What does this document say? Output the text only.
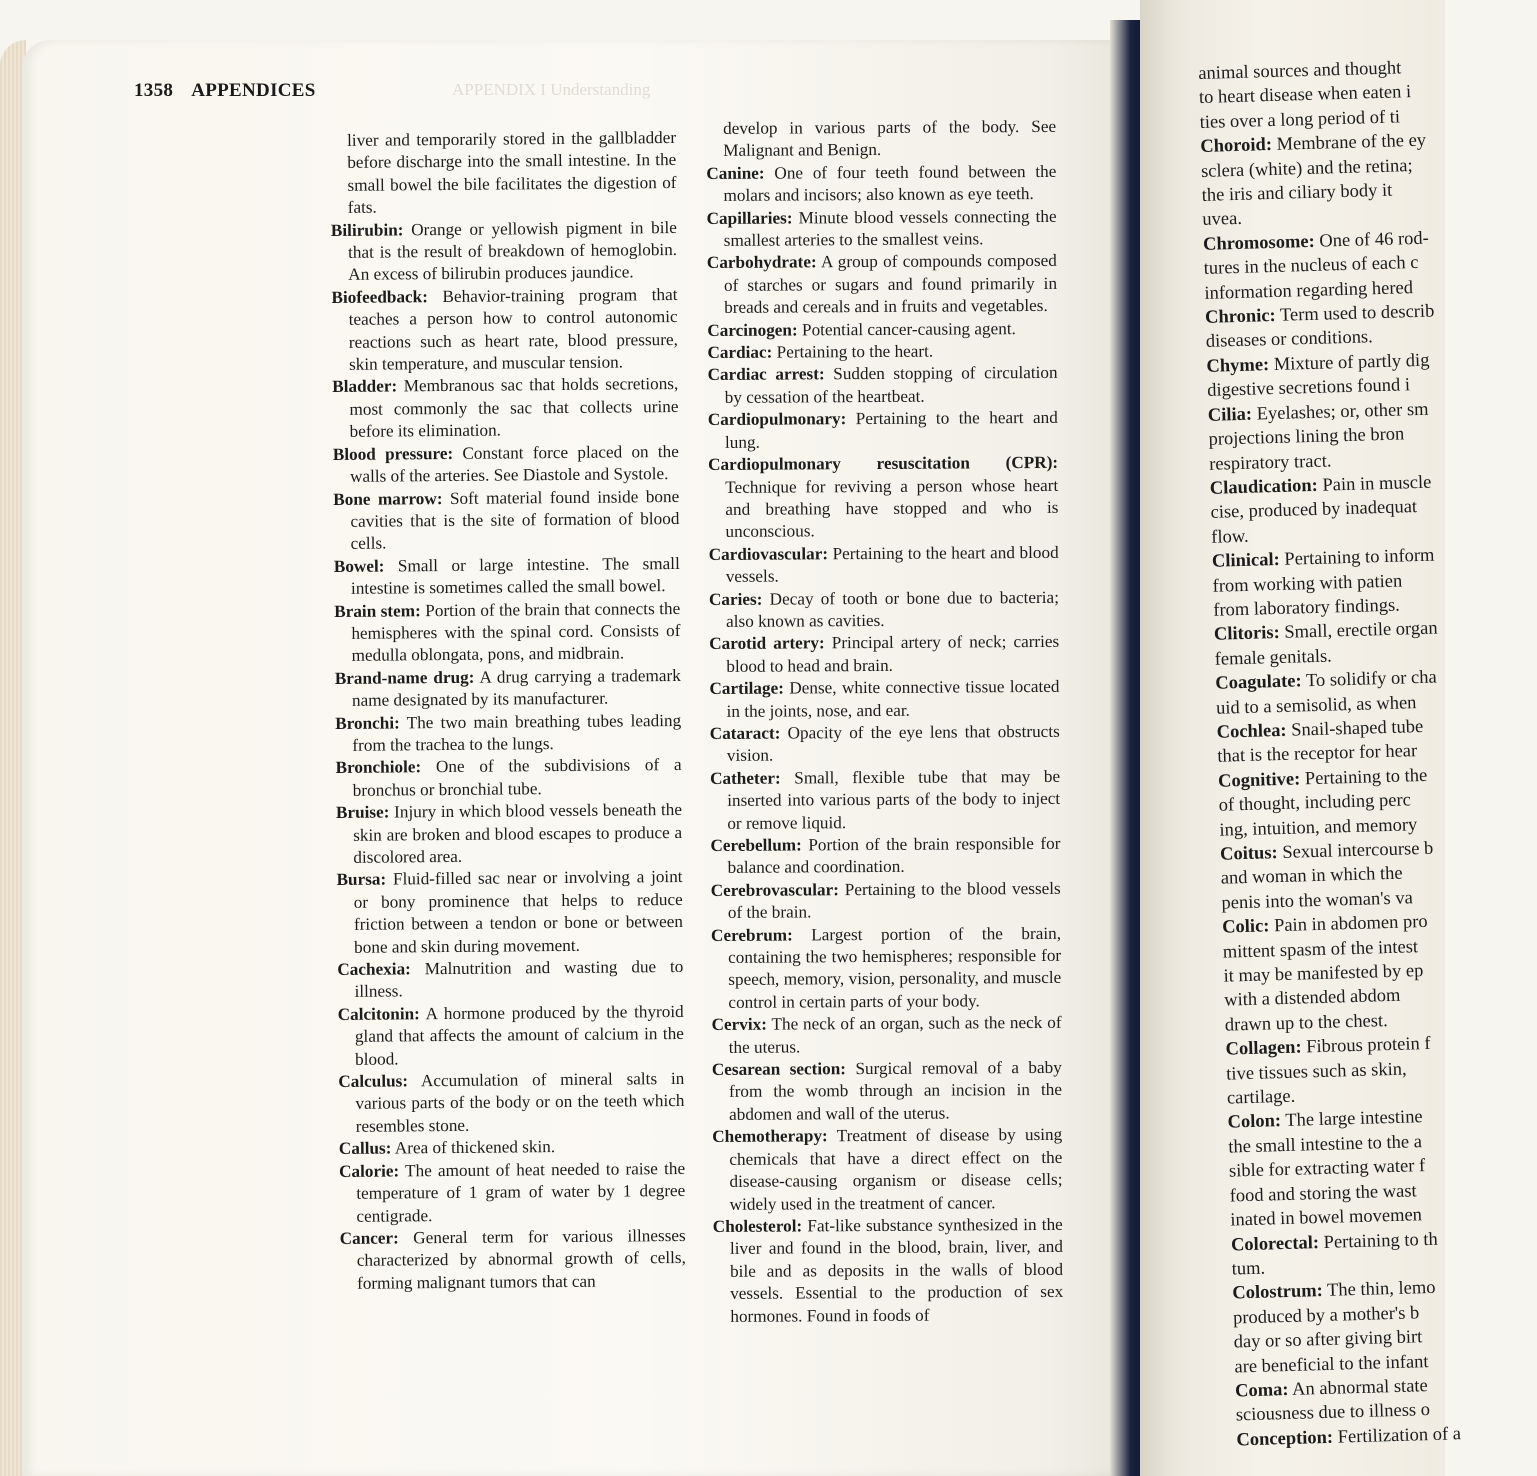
1358 APPENDICES	APPENDIX I Understanding

liver and temporarily stored in the gallbladder before discharge into the small intestine. In the small bowel the bile facilitates the digestion of fats.

Bilirubin: Orange or yellowish pigment in bile that is the result of breakdown of hemoglobin. An excess of bilirubin produces jaundice.

Biofeedback: Behavior-training program that teaches a person how to control autonomic reactions such as heart rate, blood pressure, skin temperature, and muscular tension.

Bladder: Membranous sac that holds secretions, most commonly the sac that collects urine before its elimination.

Blood pressure: Constant force placed on the walls of the arteries. See Diastole and Systole.

Bone marrow: Soft material found inside bone cavities that is the site of formation of blood cells.

Bowel: Small or large intestine. The small intestine is sometimes called the small bowel.

Brain stem: Portion of the brain that connects the hemispheres with the spinal cord. Consists of medulla oblongata, pons, and midbrain.

Brand-name drug: A drug carrying a trademark name designated by its manufacturer.

Bronchi: The two main breathing tubes leading from the trachea to the lungs.

Bronchiole: One of the subdivisions of a bronchus or bronchial tube.

Bruise: Injury in which blood vessels beneath the skin are broken and blood escapes to produce a discolored area.

Bursa: Fluid-filled sac near or involving a joint or bony prominence that helps to reduce friction between a tendon or bone or between bone and skin during movement.

Cachexia: Malnutrition and wasting due to illness.

Calcitonin: A hormone produced by the thyroid gland that affects the amount of calcium in the blood.

Calculus: Accumulation of mineral salts in various parts of the body or on the teeth which resembles stone.

Callus: Area of thickened skin.

Calorie: The amount of heat needed to raise the temperature of 1 gram of water by 1 degree centigrade.

Cancer: General term for various illnesses characterized by abnormal growth of cells, forming malignant tumors that can

develop in various parts of the body. See Malignant and Benign.

Canine: One of four teeth found between the molars and incisors; also known as eye teeth.

Capillaries: Minute blood vessels connecting the smallest arteries to the smallest veins.

Carbohydrate: A group of compounds composed of starches or sugars and found primarily in breads and cereals and in fruits and vegetables.

Carcinogen: Potential cancer-causing agent.

Cardiac: Pertaining to the heart.

Cardiac arrest: Sudden stopping of circulation by cessation of the heartbeat.

Cardiopulmonary: Pertaining to the heart and lung.

Cardiopulmonary resuscitation (CPR): Technique for reviving a person whose heart and breathing have stopped and who is unconscious.

Cardiovascular: Pertaining to the heart and blood vessels.

Caries: Decay of tooth or bone due to bacteria; also known as cavities.

Carotid artery: Principal artery of neck; carries blood to head and brain.

Cartilage: Dense, white connective tissue located in the joints, nose, and ear.

Cataract: Opacity of the eye lens that obstructs vision.

Catheter: Small, flexible tube that may be inserted into various parts of the body to inject or remove liquid.

Cerebellum: Portion of the brain responsible for balance and coordination.

Cerebrovascular: Pertaining to the blood vessels of the brain.

Cerebrum: Largest portion of the brain, containing the two hemispheres; responsible for speech, memory, vision, personality, and muscle control in certain parts of your body.

Cervix: The neck of an organ, such as the neck of the uterus.

Cesarean section: Surgical removal of a baby from the womb through an incision in the abdomen and wall of the uterus.

Chemotherapy: Treatment of disease by using chemicals that have a direct effect on the disease-causing organism or disease cells; widely used in the treatment of cancer.

Cholesterol: Fat-like substance synthesized in the liver and found in the blood, brain, liver, and bile and as deposits in the walls of blood vessels. Essential to the production of sex hormones. Found in foods of

animal sources and thought

to heart disease when eaten i

ties over a long period of ti

Choroid: Membrane of the ey

sclera (white) and the retina;

the iris and ciliary body it

uvea.

Chromosome: One of 46 rod-

tures in the nucleus of each c

information regarding hered

Chronic: Term used to describ

diseases or conditions.

Chyme: Mixture of partly dig

digestive secretions found i

Cilia: Eyelashes; or, other sm

projections lining the bron

respiratory tract.

Claudication: Pain in muscle

cise, produced by inadequat

flow.

Clinical: Pertaining to inform

from working with patien

from laboratory findings.

Clitoris: Small, erectile organ

female genitals.

Coagulate: To solidify or cha

uid to a semisolid, as when

Cochlea: Snail-shaped tube

that is the receptor for hear

Cognitive: Pertaining to the

of thought, including perc

ing, intuition, and memory

Coitus: Sexual intercourse b

and woman in which the

penis into the woman's va

Colic: Pain in abdomen pro

mittent spasm of the intest

it may be manifested by ep

with a distended abdom

drawn up to the chest.

Collagen: Fibrous protein f

tive tissues such as skin,

cartilage.

Colon: The large intestine

the small intestine to the a

sible for extracting water f

food and storing the wast

inated in bowel movemen

Colorectal: Pertaining to th

tum.

Colostrum: The thin, lemo

produced by a mother's b

day or so after giving birt

are beneficial to the infant

Coma: An abnormal state

sciousness due to illness o

Conception: Fertilization of a
